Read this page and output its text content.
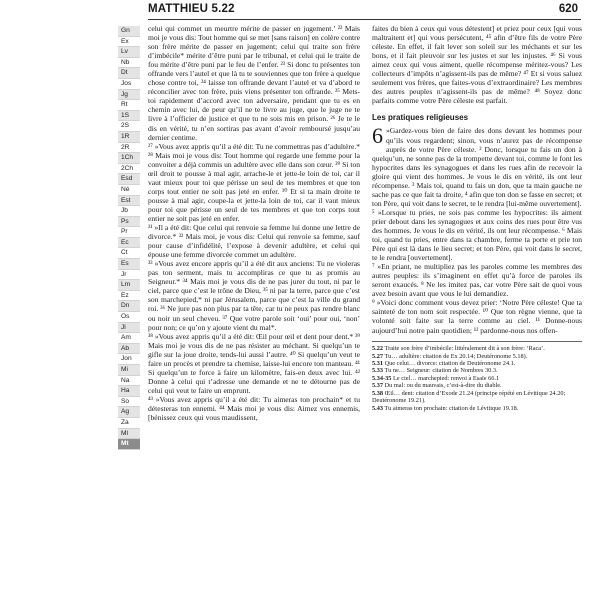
MATTHIEU 5.22	620
Gn
Ex
Lv
Nb
Dt
Jos
Jg
Rt
1S
2S
1R
2R
1Ch
2Ch
Esd
Né
Est
Jb
Ps
Pr
Ec
Ct
Es
Jr
Lm
Ez
Dn
Os
Jl
Am
Ab
Jon
Mi
Na
Ha
So
Ag
Za
Ml
Mt

celui qui commet un meurtre mérite de passer en jugement.’ ²² Mais moi je vous dis: Tout homme qui se met [sans raison] en colère contre son frère mérite de passer en jugement; celui qui traite son frère d’imbécile* mérite d’être puni par le tribunal, et celui qui le traite de fou mérite d’être puni par le feu de l’enfer. ²³ Si donc tu présentes ton offrande vers l’autel et que là tu te souviennes que ton frère a quelque chose contre toi, ²⁴ laisse ton offrande devant l’autel et va d’abord te réconcilier avec ton frère, puis viens présenter ton offrande. ²⁵ Mets-toi rapidement d’accord avec ton adversaire, pendant que tu es en chemin avec lui, de peur qu’il ne te livre au juge, que le juge ne te livre à l’officier de justice et que tu ne sois mis en prison. ²⁶ Je te le dis en vérité, tu n’en sortiras pas avant d’avoir remboursé jusqu’au dernier centime.

²⁷ »Vous avez appris qu’il a été dit: Tu ne commettras pas d’adultère.* ²⁸ Mais moi je vous dis: Tout homme qui regarde une femme pour la convoiter a déjà commis un adultère avec elle dans son cœur. ²⁹ Si ton œil droit te pousse à mal agir, arrache-le et jette-le loin de toi, car il vaut mieux pour toi que périsse un seul de tes membres et que ton corps tout entier ne soit pas jeté en enfer. ³⁰ Et si ta main droite te pousse à mal agir, coupe-la et jette-la loin de toi, car il vaut mieux pour toi que périsse un seul de tes membres et que ton corps tout entier ne soit pas jeté en enfer.

³¹ »Il a été dit: Que celui qui renvoie sa femme lui donne une lettre de divorce.* ³² Mais moi, je vous dis: Celui qui renvoie sa femme, sauf pour cause d’infidélité, l’expose à devenir adultère, et celui qui épouse une femme divorcée commet un adultère.

³³ »Vous avez encore appris qu’il a été dit aux anciens: Tu ne violeras pas ton serment, mais tu accompliras ce que tu as promis au Seigneur.* ³⁴ Mais moi je vous dis de ne pas jurer du tout, ni par le ciel, parce que c’est le trône de Dieu, ³⁵ ni par la terre, parce que c’est son marchepied,* ni par Jérusalem, parce que c’est la ville du grand roi. ³⁶ Ne jure pas non plus par ta tête, car tu ne peux pas rendre blanc ou noir un seul cheveu. ³⁷ Que votre parole soit ‘oui’ pour oui, ‘non’ pour non; ce qu’on y ajoute vient du mal*.

³⁸ »Vous avez appris qu’il a été dit: Œil pour œil et dent pour dent.* ³⁹ Mais moi je vous dis de ne pas résister au méchant. Si quelqu’un te gifle sur la joue droite, tends-lui aussi l’autre. ⁴⁰ Si quelqu’un veut te faire un procès et prendre ta chemise, laisse-lui encore ton manteau. ⁴¹ Si quelqu’un te force à faire un kilomètre, fais-en deux avec lui. ⁴² Donne à celui qui t’adresse une demande et ne te détourne pas de celui qui veut te faire un emprunt.

⁴³ »Vous avez appris qu’il a été dit: Tu aimeras ton prochain* et tu détesteras ton ennemi. ⁴⁴ Mais moi je vous dis: Aimez vos ennemis, [bénissez ceux qui vous maudissent,

faites du bien à ceux qui vous détestent] et priez pour ceux [qui vous maltraitent et] qui vous persécutent, ⁴⁵ afin d’être fils de votre Père céleste. En effet, il fait lever son soleil sur les méchants et sur les bons, et il fait pleuvoir sur les justes et sur les injustes. ⁴⁶ Si vous aimez ceux qui vous aiment, quelle récompense méritez-vous? Les collecteurs d’impôts n’agissent-ils pas de même? ⁴⁷ Et si vous saluez seulement vos frères, que faites-vous d’extraordinaire? Les membres des autres peuples n’agissent-ils pas de même? ⁴⁸ Soyez donc parfaits comme votre Père céleste est parfait.

Les pratiques religieuses

6 »Gardez-vous bien de faire des dons devant les hommes pour qu’ils vous regardent; sinon, vous n’aurez pas de récompense auprès de votre Père céleste. ² Donc, lorsque tu fais un don à quelqu’un, ne sonne pas de la trompette devant toi, comme le font les hypocrites dans les synagogues et dans les rues afin de recevoir la gloire qui vient des hommes. Je vous le dis en vérité, ils ont leur récompense. ³ Mais toi, quand tu fais un don, que ta main gauche ne sache pas ce que fait ta droite, ⁴ afin que ton don se fasse en secret; et ton Père, qui voit dans le secret, te le rendra [lui-même ouvertement].

⁵ »Lorsque tu pries, ne sois pas comme les hypocrites: ils aiment prier debout dans les synagogues et aux coins des rues pour être vus des hommes. Je vous le dis en vérité, ils ont leur récompense. ⁶ Mais toi, quand tu pries, entre dans ta chambre, ferme ta porte et prie ton Père qui est là dans le lieu secret; et ton Père, qui voit dans le secret, te le rendra [ouvertement].

⁷ »En priant, ne multipliez pas les paroles comme les membres des autres peuples: ils s’imaginent en effet qu’à force de paroles ils seront exaucés. ⁸ Ne les imitez pas, car votre Père sait de quoi vous avez besoin avant que vous le lui demandiez.

⁹ »Voici donc comment vous devez prier: ‘Notre Père céleste! Que ta sainteté de ton nom soit respectée. ¹⁰ Que ton règne vienne, que ta volonté soit faite sur la terre comme au ciel. ¹¹ Donne-nous aujourd’hui notre pain quotidien; ¹² pardonne-nous nos offen-

5.22 Traite son frère d’imbécile: littéralement dit à son frère: ‘Raca’.

5.27 Tu… adultère: citation de Ex 20.14; Deutéronome 5.18).

5.31 Que celui… divorce: citation de Deutéronome 24.1.

5.33 Tu ne… Seigneur: citation de Nombres 30.3.

5.34-35 Le ciel… marchepied: renvoi à Esaïe 66.1

5.37 Du mal: ou du mauvais, c’est-à-dire du diable.

5.38 Œil… dent: citation d’Exode 21.24 (principe répété en Lévitique 24.20; Deutéronome 19.21).

5.43 Tu aimeras ton prochain: citation de Lévitique 19.18.
